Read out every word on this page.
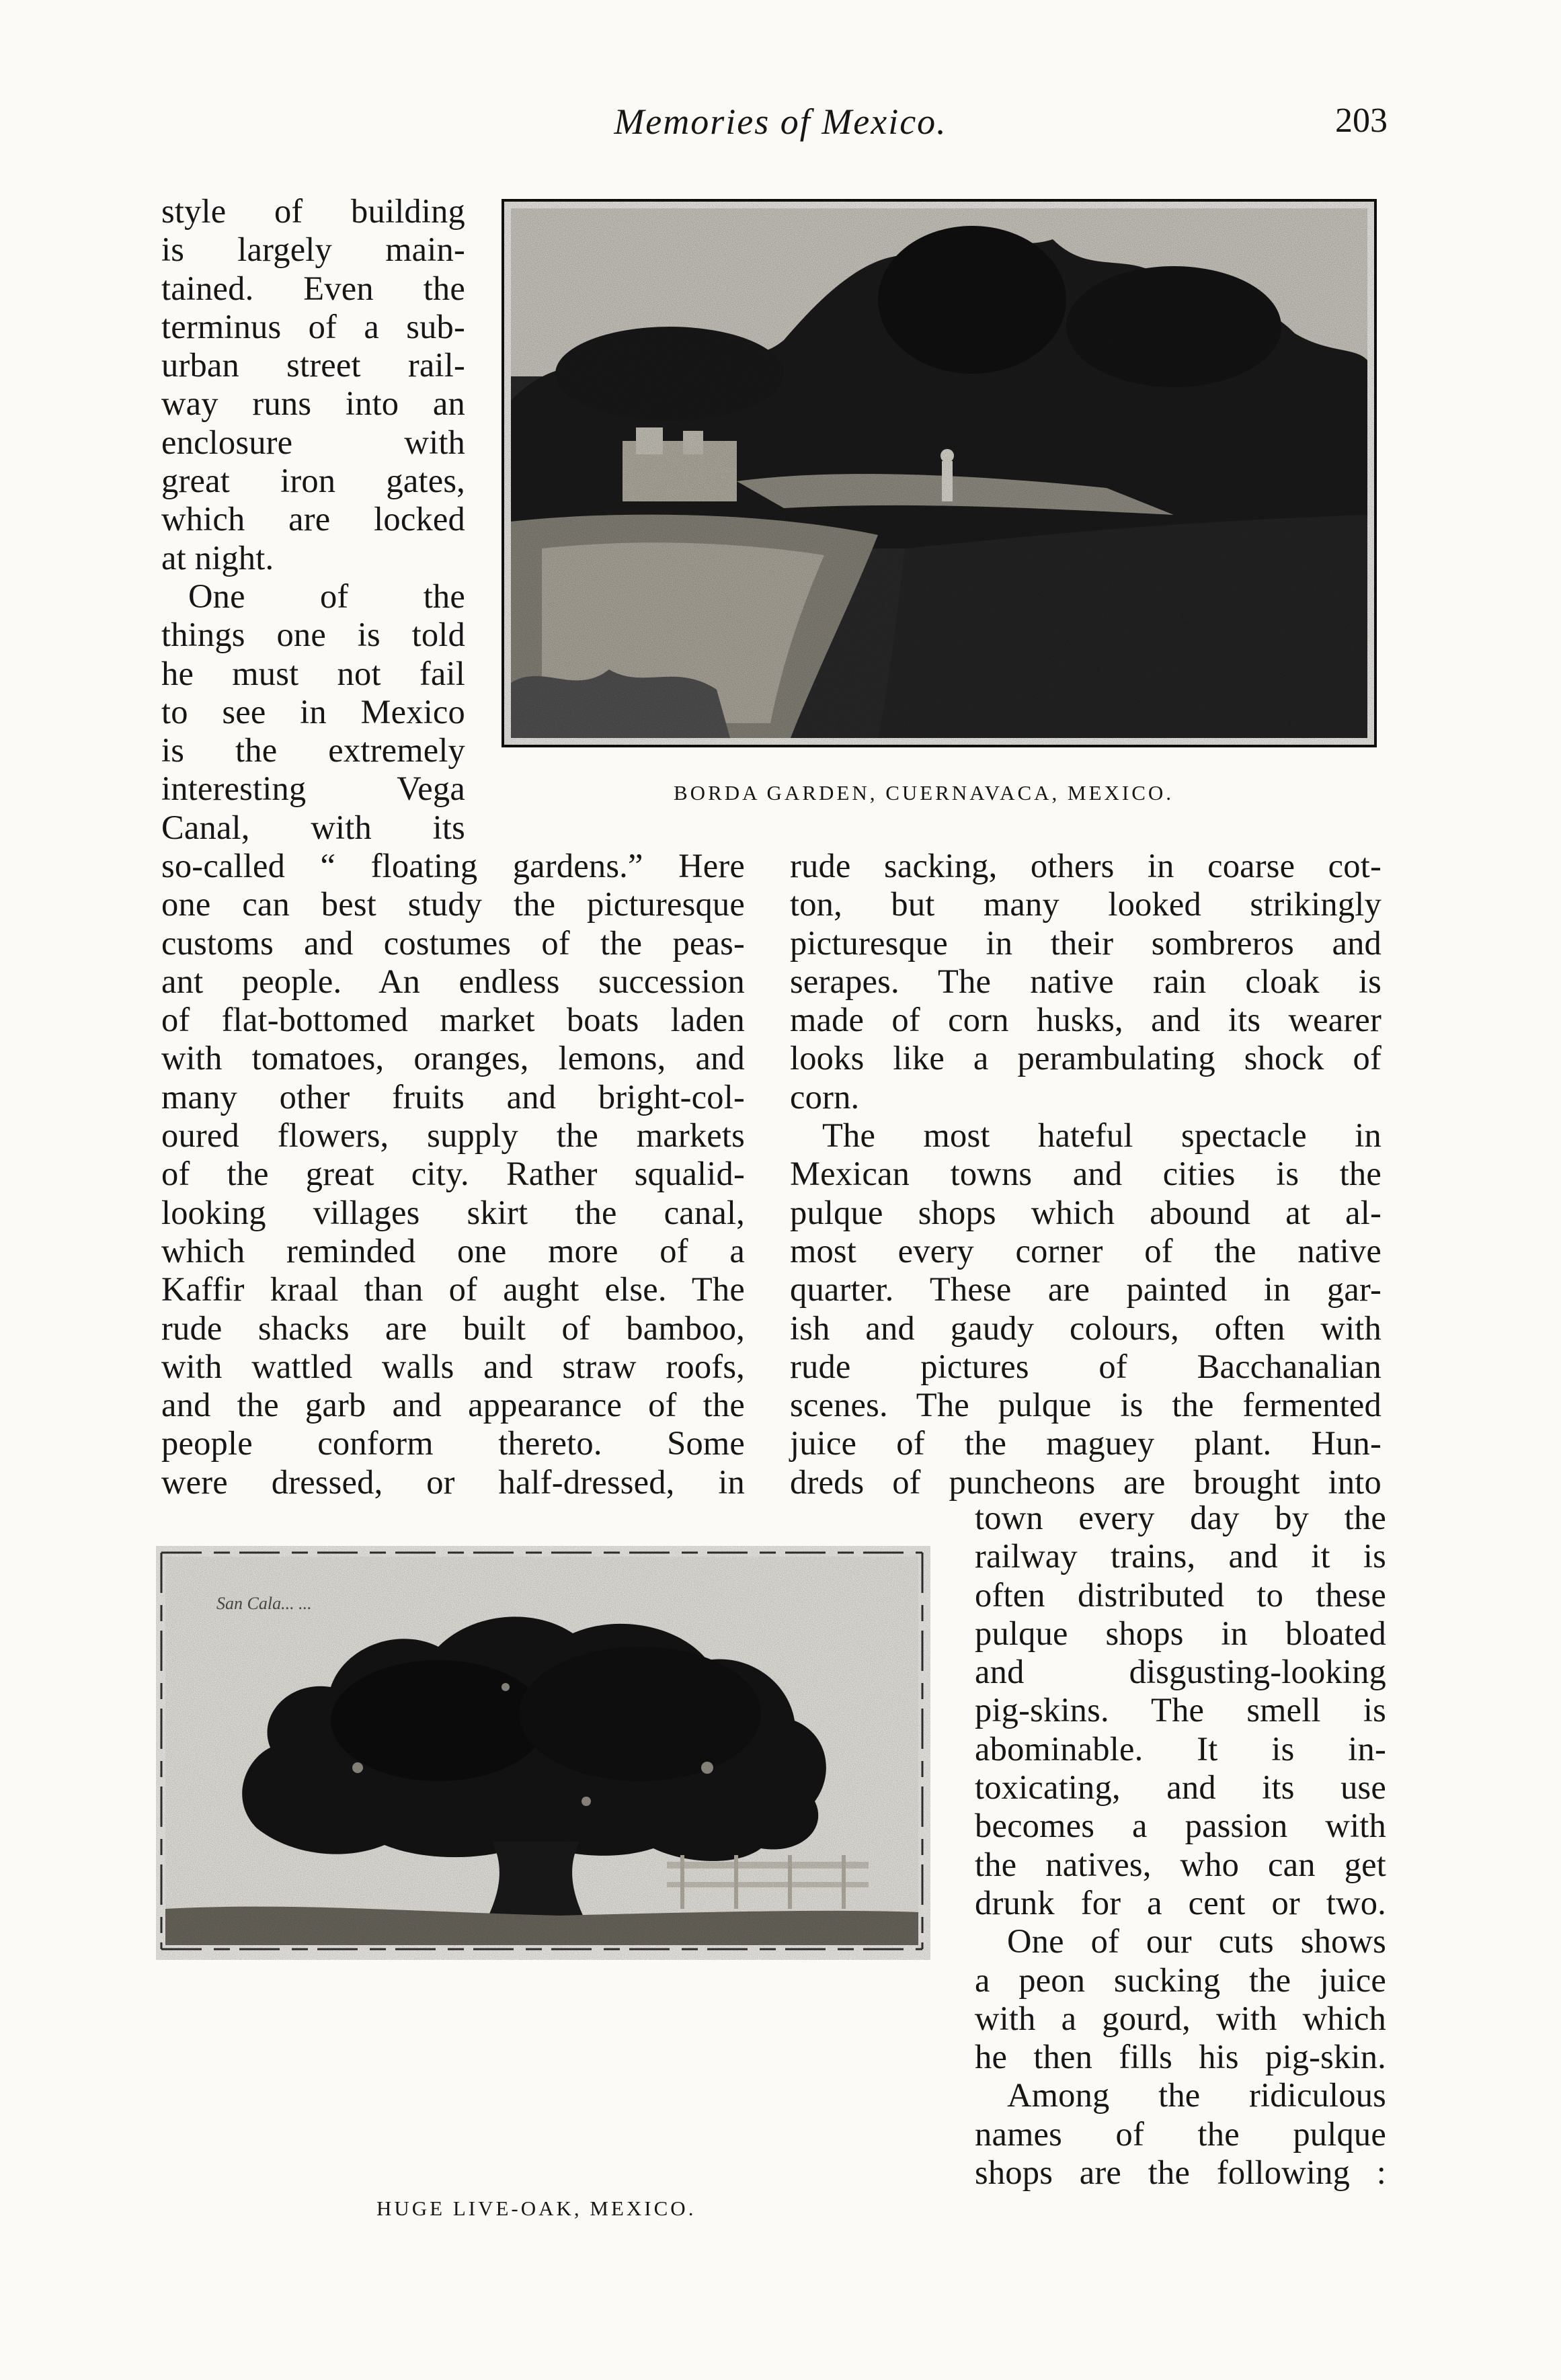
Memories of Mexico.	203
BORDA GARDEN, CUERNAVACA, MEXICO.

style of building
is largely main-
tained. Even the
terminus of a sub-
urban street rail-
way runs into an
enclosure with
great iron gates,
which are locked
at night.
One of the
things one is told
he must not fail
to see in Mexico
is the extremely
interesting Vega
Canal, with its

so-called “ floating gardens.” Here
one can best study the picturesque
customs and costumes of the peas-
ant people. An endless succession
of flat-bottomed market boats laden
with tomatoes, oranges, lemons, and
many other fruits and bright-col-
oured flowers, supply the markets
of the great city. Rather squalid-
looking villages skirt the canal,
which reminded one more of a
Kaffir kraal than of aught else. The
rude shacks are built of bamboo,
with wattled walls and straw roofs,
and the garb and appearance of the
people conform thereto. Some
were dressed, or half-dressed, in

rude sacking, others in coarse cot-
ton, but many looked strikingly
picturesque in their sombreros and
serapes. The native rain cloak is
made of corn husks, and its wearer
looks like a perambulating shock of
corn.
The most hateful spectacle in
Mexican towns and cities is the
pulque shops which abound at al-
most every corner of the native
quarter. These are painted in gar-
ish and gaudy colours, often with
rude pictures of Bacchanalian
scenes. The pulque is the fermented
juice of the maguey plant. Hun-
dreds of puncheons are brought into

San Cala... ...
HUGE LIVE-OAK, MEXICO.

town every day by the
railway trains, and it is
often distributed to these
pulque shops in bloated
and disgusting-looking
pig-skins. The smell is
abominable. It is in-
toxicating, and its use
becomes a passion with
the natives, who can get
drunk for a cent or two.
One of our cuts shows
a peon sucking the juice
with a gourd, with which
he then fills his pig-skin.
Among the ridiculous
names of the pulque
shops are the following :
